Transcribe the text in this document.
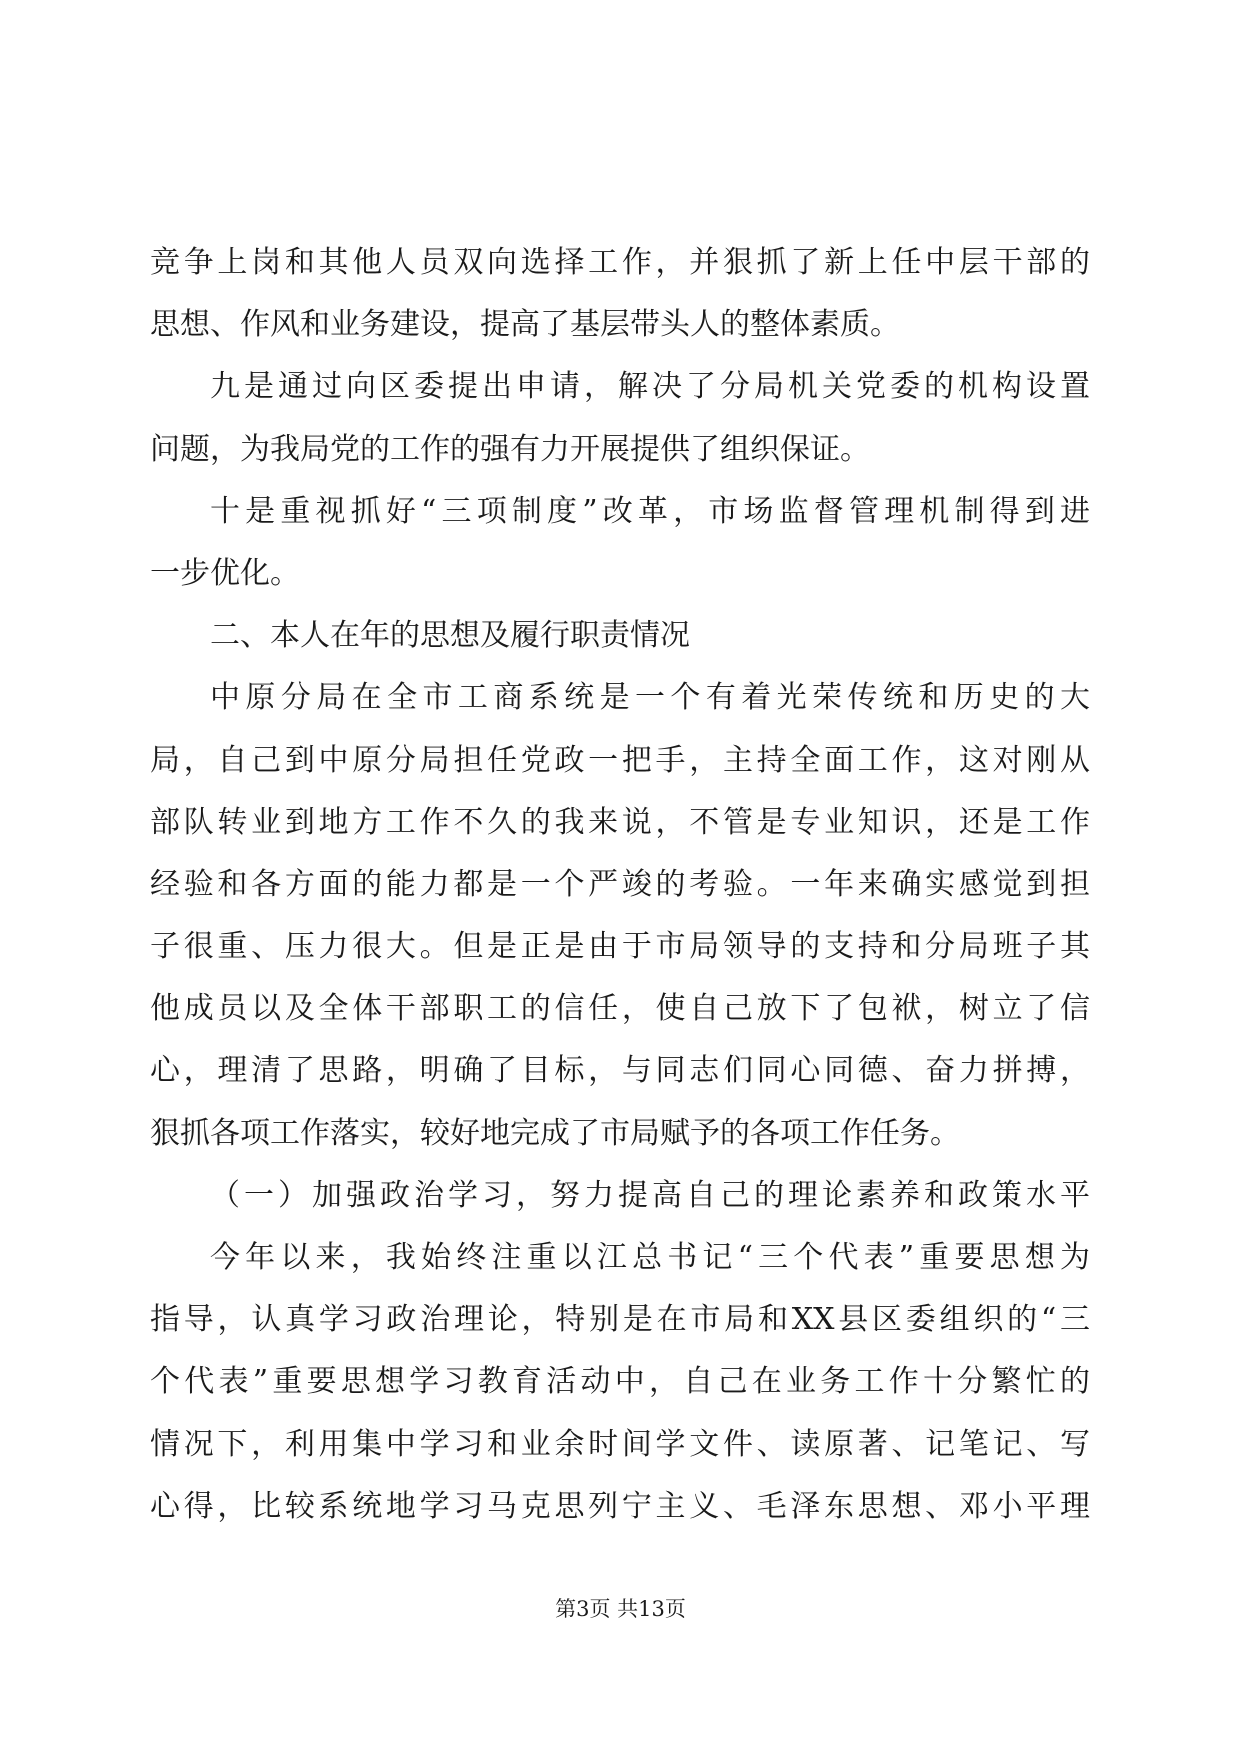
竞争上岗和其他人员双向选择工作，并狠抓了新上任中层干部的
思想、作风和业务建设，提高了基层带头人的整体素质。
九是通过向区委提出申请，解决了分局机关党委的机构设置
问题，为我局党的工作的强有力开展提供了组织保证。
十是重视抓好“三项制度”改革，市场监督管理机制得到进
一步优化。
二、本人在年的思想及履行职责情况
中原分局在全市工商系统是一个有着光荣传统和历史的大
局，自己到中原分局担任党政一把手，主持全面工作，这对刚从
部队转业到地方工作不久的我来说，不管是专业知识，还是工作
经验和各方面的能力都是一个严竣的考验。一年来确实感觉到担
子很重、压力很大。但是正是由于市局领导的支持和分局班子其
他成员以及全体干部职工的信任，使自己放下了包袱，树立了信
心，理清了思路，明确了目标，与同志们同心同德、奋力拼搏，
狠抓各项工作落实，较好地完成了市局赋予的各项工作任务。
（一）加强政治学习，努力提高自己的理论素养和政策水平
今年以来，我始终注重以江总书记“三个代表”重要思想为
指导，认真学习政治理论，特别是在市局和XX县区委组织的“三
个代表”重要思想学习教育活动中，自己在业务工作十分繁忙的
情况下，利用集中学习和业余时间学文件、读原著、记笔记、写
心得，比较系统地学习马克思列宁主义、毛泽东思想、邓小平理
第3页 共13页
